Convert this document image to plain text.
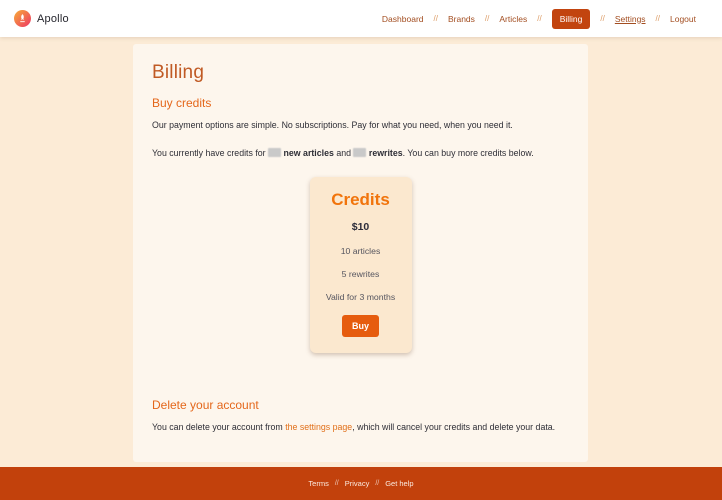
Apollo	Dashboard // Brands // Articles //	Billing	// Settings // Logout
Billing
Buy credits

Our payment options are simple. No subscriptions. Pay for what you need, when you need it.

You currently have credits for  new articles and  rewrites. You can buy more credits below.

Credits
$10
10 articles
5 rewrites
Valid for 3 months
Buy
Delete your account

You can delete your account from the settings page, which will cancel your credits and delete your data.

Terms // Privacy // Get help
